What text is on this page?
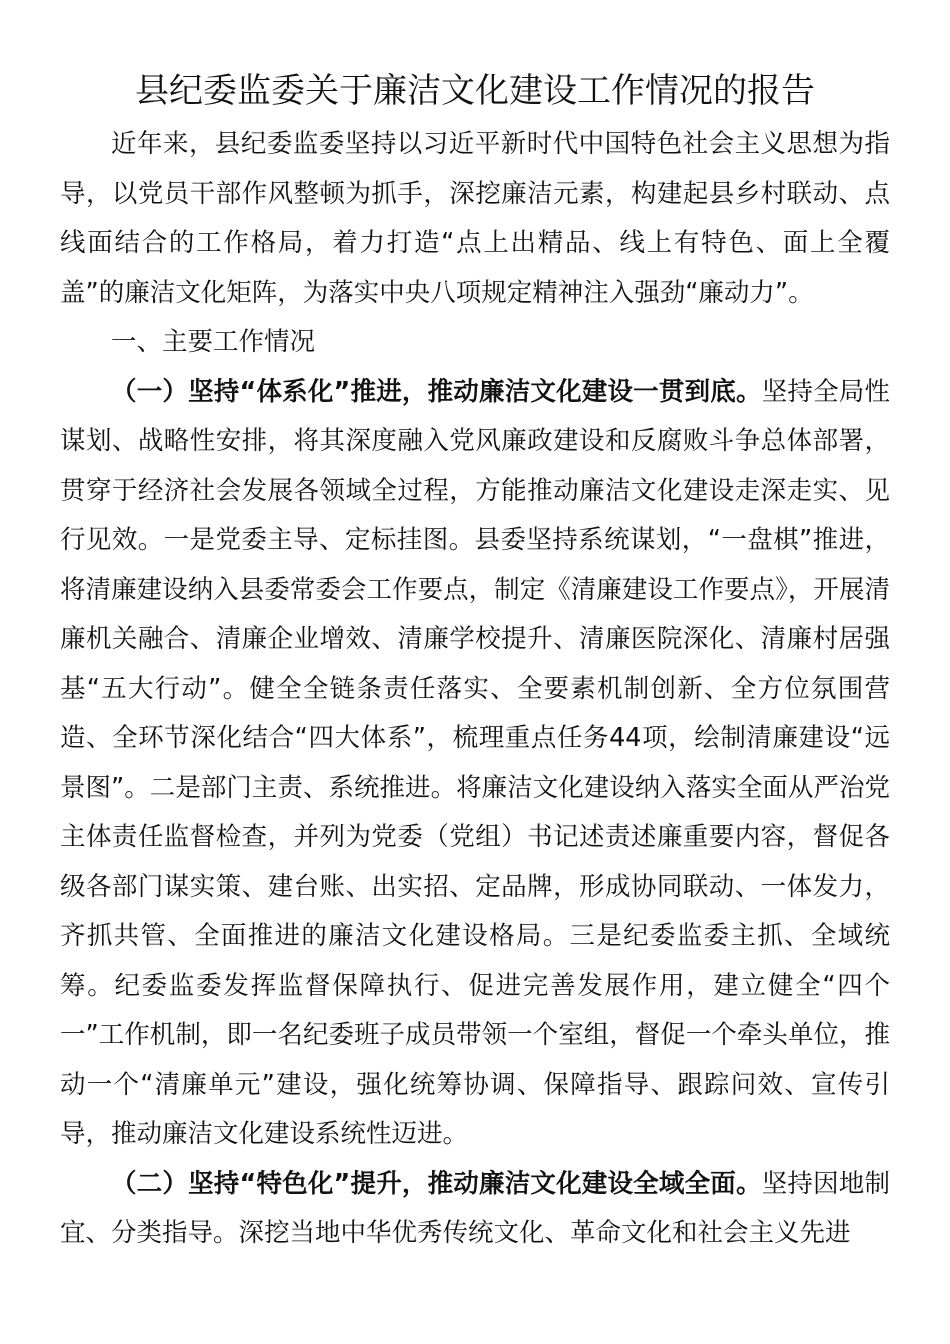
县纪委监委关于廉洁文化建设工作情况的报告

近年来，县纪委监委坚持以习近平新时代中国特色社会主义思想为指导，以党员干部作风整顿为抓手，深挖廉洁元素，构建起县乡村联动、点线面结合的工作格局，着力打造“点上出精品、线上有特色、面上全覆盖”的廉洁文化矩阵，为落实中央八项规定精神注入强劲“廉动力”。

一、主要工作情况

（一）坚持“体系化”推进，推动廉洁文化建设一贯到底。坚持全局性谋划、战略性安排，将其深度融入党风廉政建设和反腐败斗争总体部署，贯穿于经济社会发展各领域全过程，方能推动廉洁文化建设走深走实、见行见效。一是党委主导、定标挂图。县委坚持系统谋划，“一盘棋”推进，将清廉建设纳入县委常委会工作要点，制定《清廉建设工作要点》，开展清廉机关融合、清廉企业增效、清廉学校提升、清廉医院深化、清廉村居强基“五大行动”。健全全链条责任落实、全要素机制创新、全方位氛围营造、全环节深化结合“四大体系”，梳理重点任务44项，绘制清廉建设“远景图”。二是部门主责、系统推进。将廉洁文化建设纳入落实全面从严治党主体责任监督检查，并列为党委（党组）书记述责述廉重要内容，督促各级各部门谋实策、建台账、出实招、定品牌，形成协同联动、一体发力，齐抓共管、全面推进的廉洁文化建设格局。三是纪委监委主抓、全域统筹。纪委监委发挥监督保障执行、促进完善发展作用，建立健全“四个一”工作机制，即一名纪委班子成员带领一个室组，督促一个牵头单位，推动一个“清廉单元”建设，强化统筹协调、保障指导、跟踪问效、宣传引导，推动廉洁文化建设系统性迈进。

（二）坚持“特色化”提升，推动廉洁文化建设全域全面。坚持因地制宜、分类指导。深挖当地中华优秀传统文化、革命文化和社会主义先进
